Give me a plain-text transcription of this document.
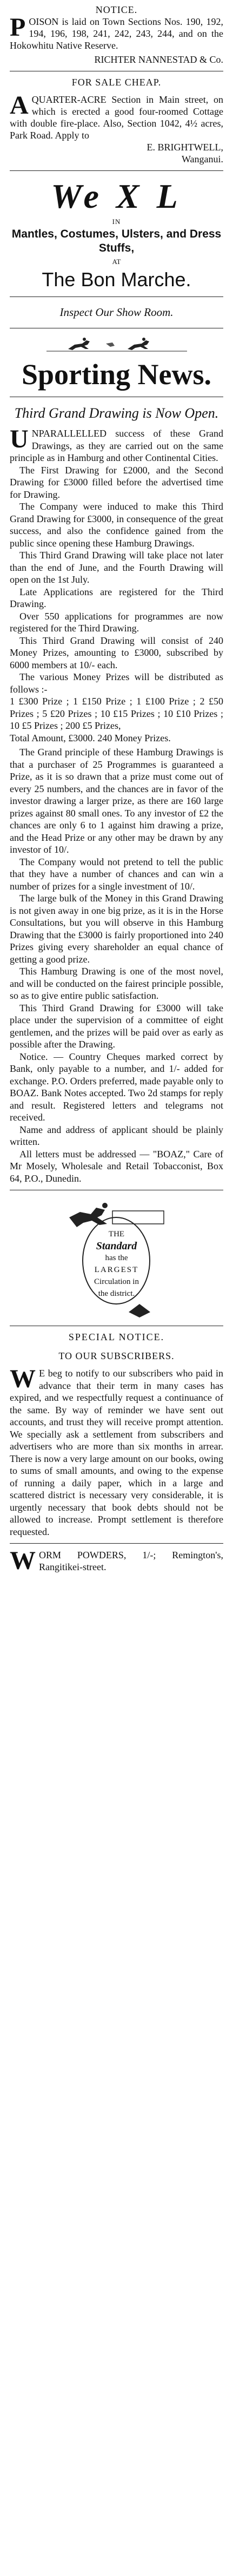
NOTICE.
POISON is laid on Town Sections Nos. 190, 192, 194, 196, 198, 241, 242, 243, 244, and on the Hokowhitu Native Reserve.
RICHTER NANNESTAD & Co.
FOR SALE CHEAP.
AQUARTER-ACRE Section in Main street, on which is erected a good four-roomed Cottage with double fire-place. Also, Section 1042, 4½ acres, Park Road. Apply to
E. BRIGHTWELL,
Wanganui.
We X L
IN
Mantles, Costumes, Ulsters, and Dress Stuffs,
AT
The Bon Marche.
Inspect Our Show Room.
Sporting News.
Third Grand Drawing is Now Open.
UNPARALLELLED success of these Grand Drawings, as they are carried out on the same principle as in Hamburg and other Continental Cities.
The First Drawing for £2000, and the Second Drawing for £3000 filled before the advertised time for Drawing.
The Company were induced to make this Third Grand Drawing for £3000, in consequence of the great success, and also the confidence gained from the public since opening these Hamburg Drawings.
This Third Grand Drawing will take place not later than the end of June, and the Fourth Drawing will open on the 1st July.
Late Applications are registered for the Third Drawing.
Over 550 applications for programmes are now registered for the Third Drawing.
This Third Grand Drawing will consist of 240 Money Prizes, amounting to £3000, subscribed by 6000 members at 10/- each.
The various Money Prizes will be distributed as follows :-
1 £300 Prize ; 1 £150 Prize ; 1 £100 Prize ; 2 £50 Prizes ; 5 £20 Prizes ; 10 £15 Prizes ; 10 £10 Prizes ; 10 £5 Prizes ; 200 £5 Prizes,
Total Amount, £3000. 240 Money Prizes.
The Grand principle of these Hamburg Drawings is that a purchaser of 25 Programmes is guaranteed a Prize, as it is so drawn that a prize must come out of every 25 numbers, and the chances are in favor of the investor drawing a larger prize, as there are 160 large prizes against 80 small ones. To any investor of £2 the chances are only 6 to 1 against him drawing a prize, and the Head Prize or any other may be drawn by any investor of 10/.
The Company would not pretend to tell the public that they have a number of chances and can win a number of prizes for a single investment of 10/.
The large bulk of the Money in this Grand Drawing is not given away in one big prize, as it is in the Horse Consultations, but you will observe in this Hamburg Drawing that the £3000 is fairly proportioned into 240 Prizes giving every shareholder an equal chance of getting a good prize.
This Hamburg Drawing is one of the most novel, and will be conducted on the fairest principle possible, so as to give entire public satisfaction.
This Third Grand Drawing for £3000 will take place under the supervision of a committee of eight gentlemen, and the prizes will be paid over as early as possible after the Drawing.
Notice. — Country Cheques marked correct by Bank, only payable to a number, and 1/- added for exchange. P.O. Orders preferred, made payable only to BOAZ. Bank Notes accepted. Two 2d stamps for reply and result. Registered letters and telegrams not received.
Name and address of applicant should be plainly written.
All letters must be addressed — "BOAZ," Care of Mr Mosely, Wholesale and Retail Tobacconist, Box 64, P.O., Dunedin.
THE
Standard
has the
LARGEST
Circulation in
the district.
SPECIAL NOTICE.
TO OUR SUBSCRIBERS.
W E beg to notify to our subscribers who paid in advance that their term in many cases has expired, and we respectfully request a continuance of the same. By way of reminder we have sent out accounts, and trust they will receive prompt attention. We specially ask a settlement from subscribers and advertisers who are more than six months in arrear. There is now a very large amount on our books, owing to sums of small amounts, and owing to the expense of running a daily paper, which in a large and scattered district is necessary very considerable, it is urgently necessary that book debts should not be allowed to increase. Prompt settlement is therefore requested.
WORM POWDERS, 1/-; Remington's, Rangitikei-street.
